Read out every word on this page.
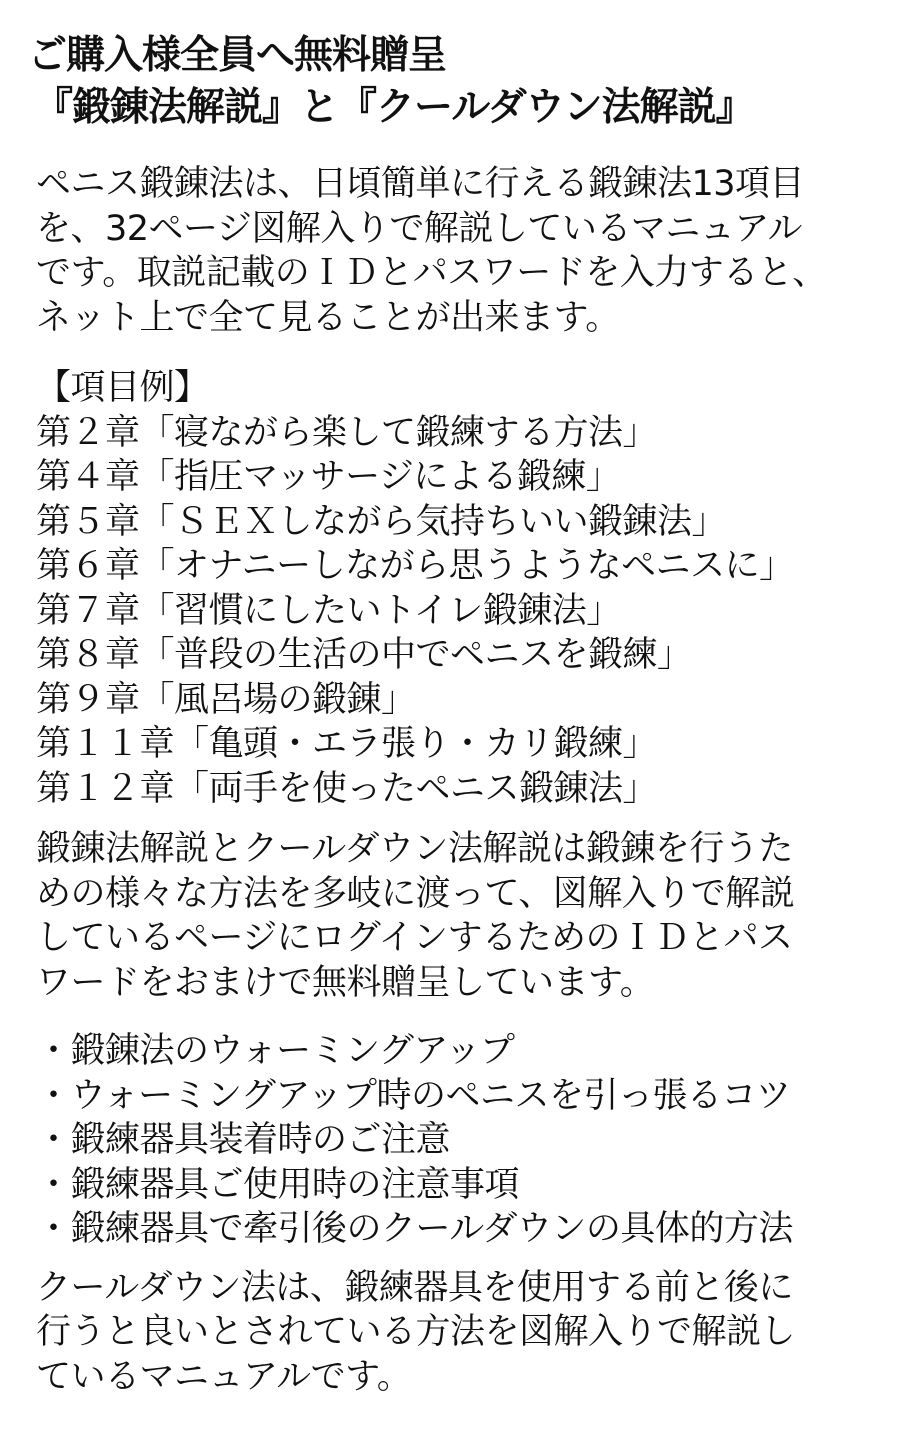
ご購入様全員へ無料贈呈
『鍛錬法解説』と『クールダウン法解説』

ペニス鍛錬法は、日頃簡単に行える鍛錬法13項目

を、32ページ図解入りで解説しているマニュアル

です。取説記載のＩＤとパスワードを入力すると、

ネット上で全て見ることが出来ます。

【項目例】

第２章「寝ながら楽して鍛練する方法」
第４章「指圧マッサージによる鍛練」
第５章「ＳＥＸしながら気持ちいい鍛錬法」
第６章「オナニーしながら思うようなペニスに」
第７章「習慣にしたいトイレ鍛錬法」
第８章「普段の生活の中でペニスを鍛練」
第９章「風呂場の鍛錬」
第１１章「亀頭・エラ張り・カリ鍛練」
第１２章「両手を使ったペニス鍛錬法」

鍛錬法解説とクールダウン法解説は鍛錬を行うた

めの様々な方法を多岐に渡って、図解入りで解説

しているページにログインするためのＩＤとパス

ワードをおまけで無料贈呈しています。

・鍛錬法のウォーミングアップ
・ウォーミングアップ時のペニスを引っ張るコツ
・鍛練器具装着時のご注意
・鍛練器具ご使用時の注意事項
・鍛練器具で牽引後のクールダウンの具体的方法

クールダウン法は、鍛練器具を使用する前と後に

行うと良いとされている方法を図解入りで解説し

ているマニュアルです。
